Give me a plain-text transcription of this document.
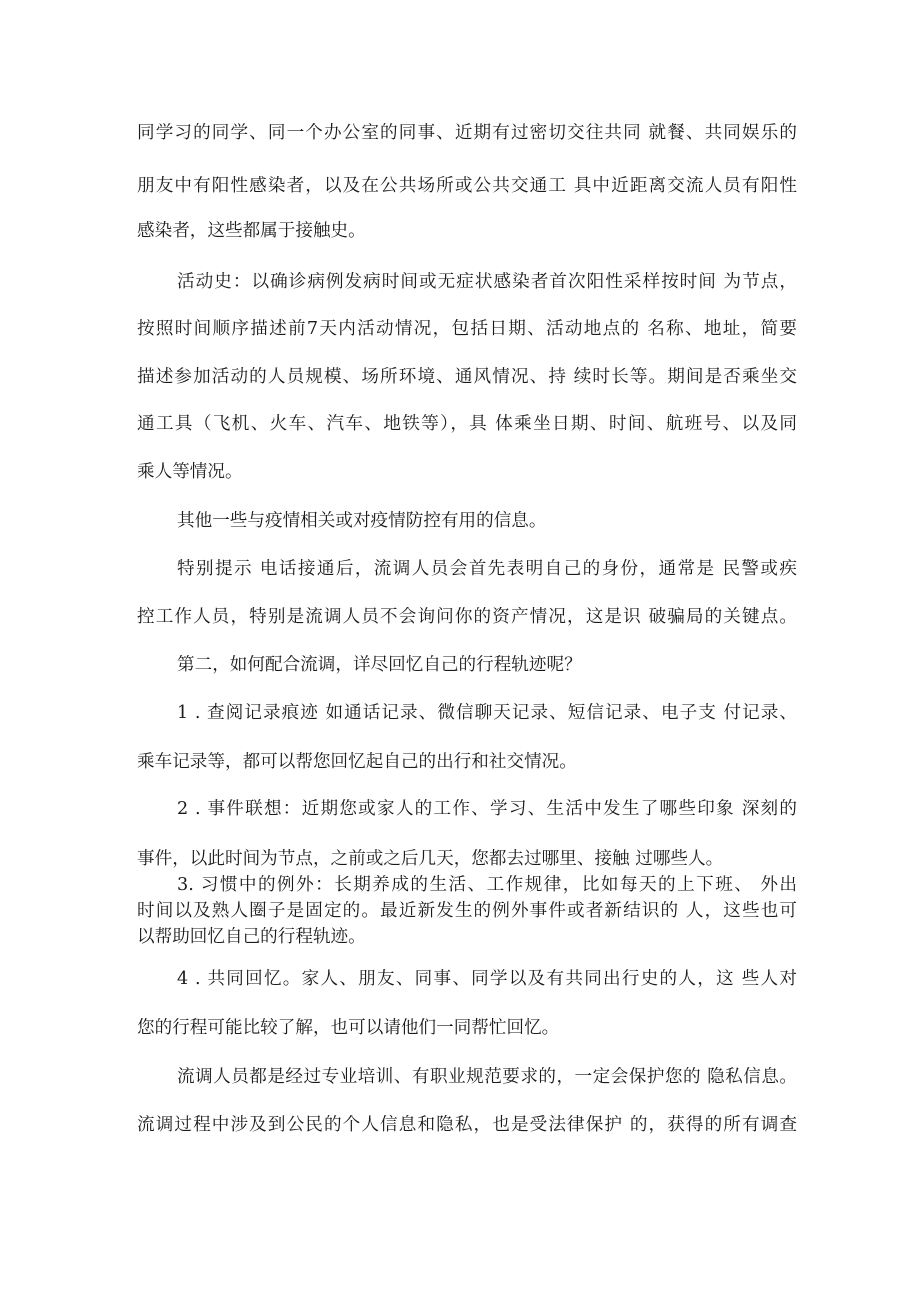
同学习的同学、同一个办公室的同事、近期有过密切交往共同 就餐、共同娱乐的
朋友中有阳性感染者，以及在公共场所或公共交通工 具中近距离交流人员有阳性
感染者，这些都属于接触史。
活动史：以确诊病例发病时间或无症状感染者首次阳性采样按时间 为节点，
按照时间顺序描述前7天内活动情况，包括日期、活动地点的 名称、地址，简要
描述参加活动的人员规模、场所环境、通风情况、持 续时长等。期间是否乘坐交
通工具（飞机、火车、汽车、地铁等），具 体乘坐日期、时间、航班号、以及同
乘人等情况。
其他一些与疫情相关或对疫情防控有用的信息。
特别提示 电话接通后，流调人员会首先表明自己的身份，通常是 民警或疾
控工作人员，特别是流调人员不会询问你的资产情况，这是识 破骗局的关键点。
第二，如何配合流调，详尽回忆自己的行程轨迹呢？
1 . 查阅记录痕迹 如通话记录、微信聊天记录、短信记录、电子支 付记录、
乘车记录等，都可以帮您回忆起自己的出行和社交情况。
2 . 事件联想：近期您或家人的工作、学习、生活中发生了哪些印象 深刻的
事件，以此时间为节点，之前或之后几天，您都去过哪里、接触 过哪些人。
3. 习惯中的例外：长期养成的生活、工作规律，比如每天的上下班、 外出
时间以及熟人圈子是固定的。最近新发生的例外事件或者新结识的 人，这些也可
以帮助回忆自己的行程轨迹。
4 . 共同回忆。家人、朋友、同事、同学以及有共同出行史的人，这 些人对
您的行程可能比较了解，也可以请他们一同帮忙回忆。
流调人员都是经过专业培训、有职业规范要求的，一定会保护您的 隐私信息。
流调过程中涉及到公民的个人信息和隐私，也是受法律保护 的，获得的所有调查
